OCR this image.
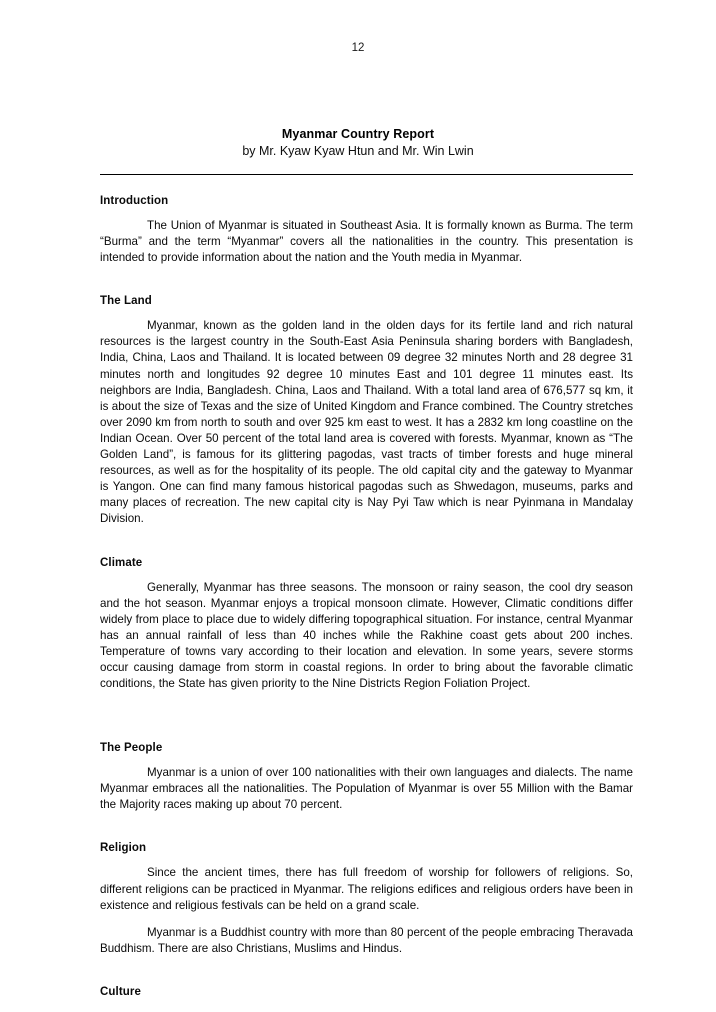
12
Myanmar Country Report
by Mr. Kyaw Kyaw Htun and Mr. Win Lwin
Introduction

The Union of Myanmar is situated in Southeast Asia. It is formally known as Burma. The term “Burma” and the term “Myanmar” covers all the nationalities in the country. This presentation is intended to provide information about the nation and the Youth media in Myanmar.

The Land

Myanmar, known as the golden land in the olden days for its fertile land and rich natural resources is the largest country in the South-East Asia Peninsula sharing borders with Bangladesh, India, China, Laos and Thailand. It is located between 09 degree 32 minutes North and 28 degree 31 minutes north and longitudes 92 degree 10 minutes East and 101 degree 11 minutes east. Its neighbors are India, Bangladesh. China, Laos and Thailand. With a total land area of 676,577 sq km, it is about the size of Texas and the size of United Kingdom and France combined. The Country stretches over 2090 km from north to south and over 925 km east to west. It has a 2832 km long coastline on the Indian Ocean. Over 50 percent of the total land area is covered with forests. Myanmar, known as “The Golden Land”, is famous for its glittering pagodas, vast tracts of timber forests and huge mineral resources, as well as for the hospitality of its people. The old capital city and the gateway to Myanmar is Yangon. One can find many famous historical pagodas such as Shwedagon, museums, parks and many places of recreation. The new capital city is Nay Pyi Taw which is near Pyinmana in Mandalay Division.

Climate

Generally, Myanmar has three seasons. The monsoon or rainy season, the cool dry season and the hot season. Myanmar enjoys a tropical monsoon climate. However, Climatic conditions differ widely from place to place due to widely differing topographical situation. For instance, central Myanmar has an annual rainfall of less than 40 inches while the Rakhine coast gets about 200 inches. Temperature of towns vary according to their location and elevation. In some years, severe storms occur causing damage from storm in coastal regions. In order to bring about the favorable climatic conditions, the State has given priority to the Nine Districts Region Foliation Project.

The People

Myanmar is a union of over 100 nationalities with their own languages and dialects. The name Myanmar embraces all the nationalities. The Population of Myanmar is over 55 Million with the Bamar the Majority races making up about 70 percent.

Religion

Since the ancient times, there has full freedom of worship for followers of religions. So, different religions can be practiced in Myanmar. The religions edifices and religious orders have been in existence and religious festivals can be held on a grand scale.

Myanmar is a Buddhist country with more than 80 percent of the people embracing Theravada Buddhism. There are also Christians, Muslims and Hindus.

Culture
